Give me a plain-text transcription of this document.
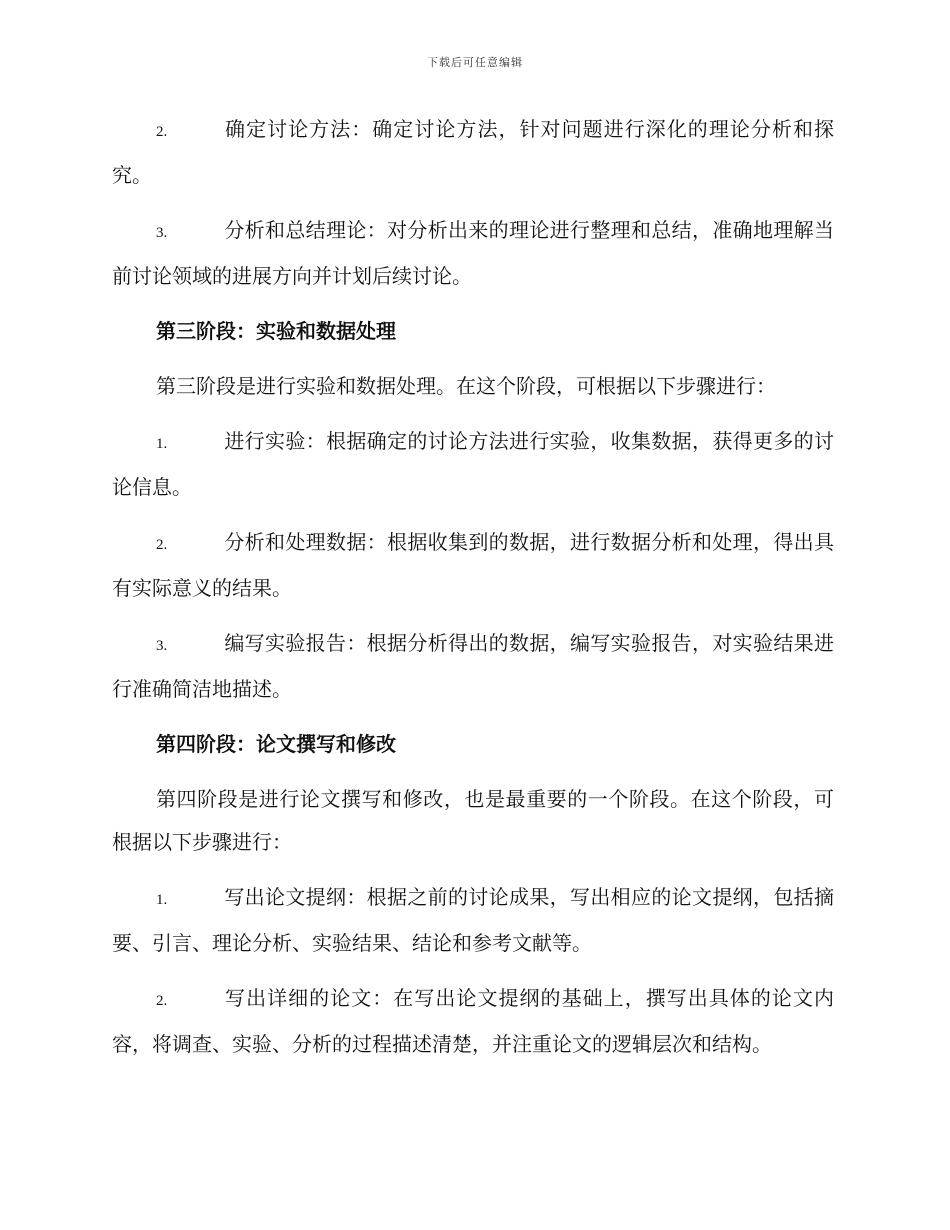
下载后可任意编辑

2.	确定讨论方法：确定讨论方法，针对问题进行深化的理论分析和探究。

3.	分析和总结理论：对分析出来的理论进行整理和总结，准确地理解当前讨论领域的进展方向并计划后续讨论。

第三阶段：实验和数据处理

第三阶段是进行实验和数据处理。在这个阶段，可根据以下步骤进行：

1.	进行实验：根据确定的讨论方法进行实验，收集数据，获得更多的讨论信息。

2.	分析和处理数据：根据收集到的数据，进行数据分析和处理，得出具有实际意义的结果。

3.	编写实验报告：根据分析得出的数据，编写实验报告，对实验结果进行准确简洁地描述。

第四阶段：论文撰写和修改

第四阶段是进行论文撰写和修改，也是最重要的一个阶段。在这个阶段，可根据以下步骤进行：

1.	写出论文提纲：根据之前的讨论成果，写出相应的论文提纲，包括摘要、引言、理论分析、实验结果、结论和参考文献等。

2.	写出详细的论文：在写出论文提纲的基础上，撰写出具体的论文内容，将调查、实验、分析的过程描述清楚，并注重论文的逻辑层次和结构。
